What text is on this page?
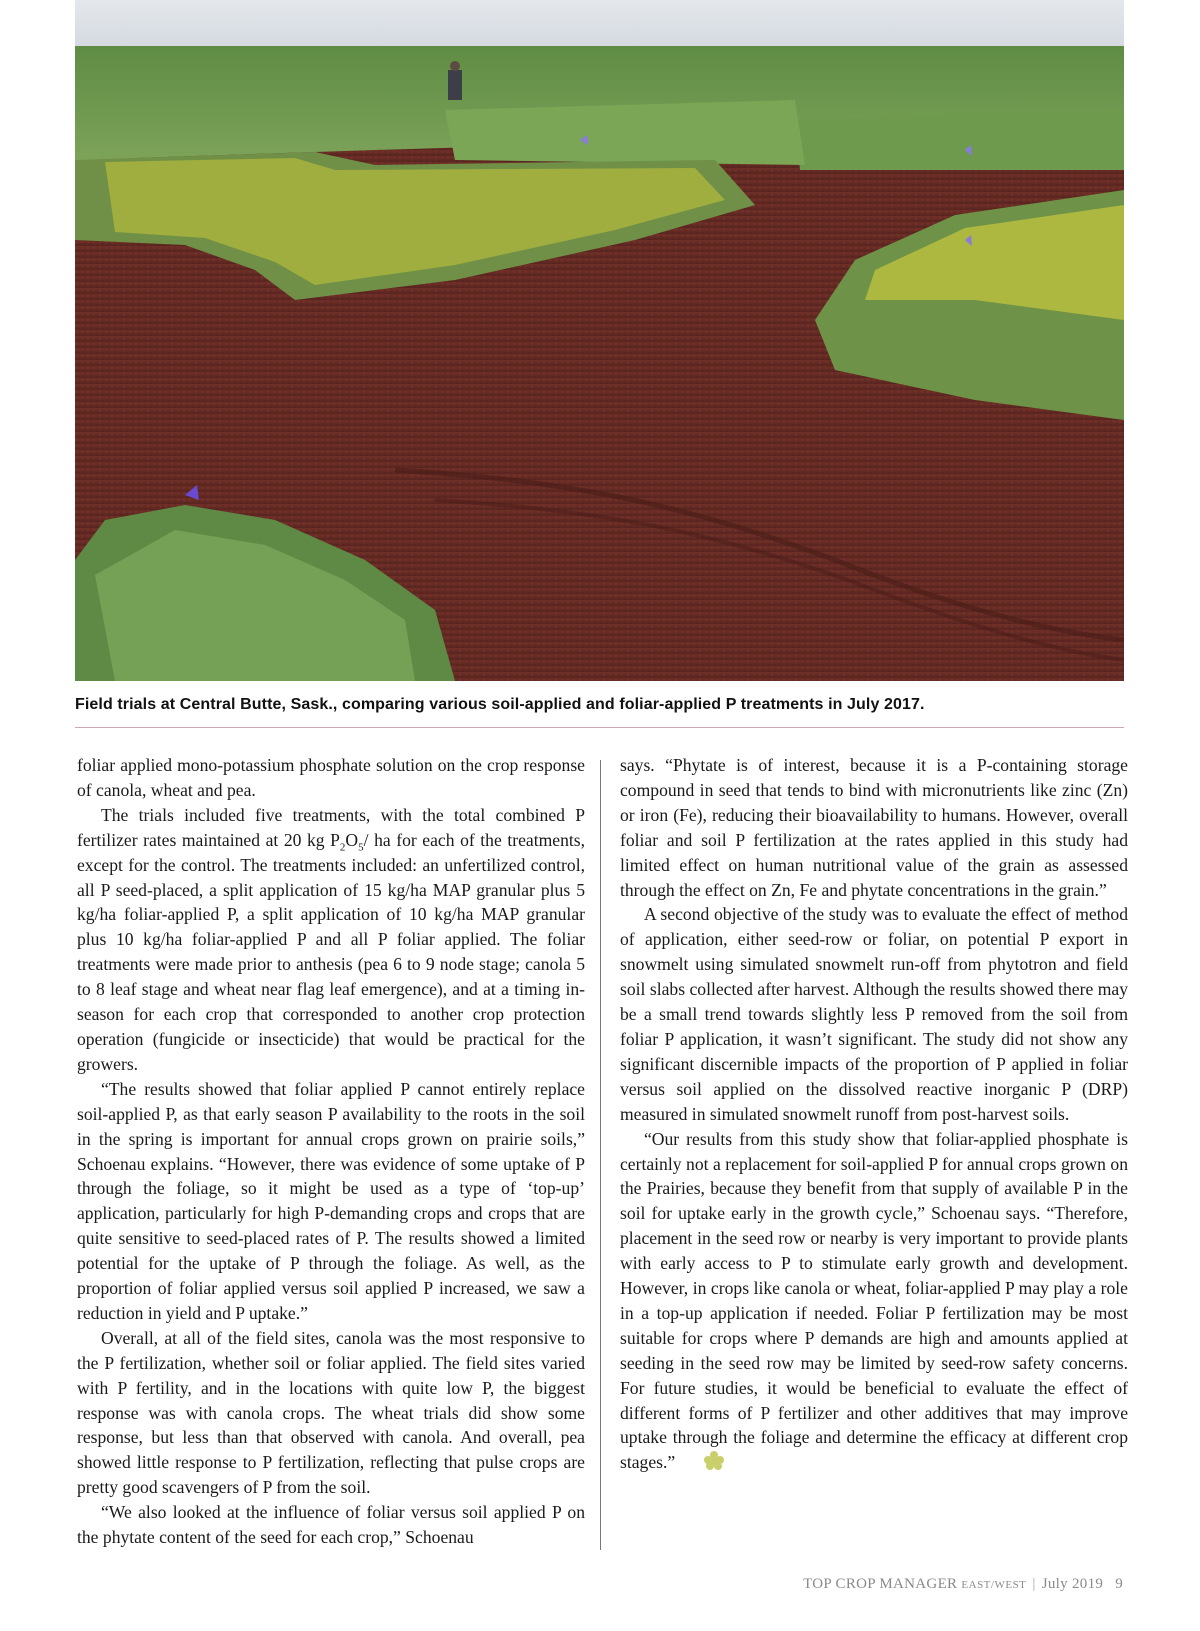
Field trials at Central Butte, Sask., comparing various soil-applied and foliar-applied P treatments in July 2017.

foliar applied mono-potassium phosphate solution on the crop response of canola, wheat and pea.

The trials included five treatments, with the total combined P fertilizer rates maintained at 20 kg $P_2O_5/$ ha for each of the treatments, except for the control. The treatments included: an unfertilized control, all P seed-placed, a split application of 15 kg/ha MAP granular plus 5 kg/ha foliar-applied P, a split application of 10 kg/ha MAP granular plus 10 kg/ha foliar-applied P and all P foliar applied. The foliar treatments were made prior to anthesis (pea 6 to 9 node stage; canola 5 to 8 leaf stage and wheat near flag leaf emergence), and at a timing in-season for each crop that corresponded to another crop protection operation (fungicide or insecticide) that would be practical for the growers.

“The results showed that foliar applied P cannot entirely replace soil-applied P, as that early season P availability to the roots in the soil in the spring is important for annual crops grown on prairie soils,” Schoenau explains. “However, there was evidence of some uptake of P through the foliage, so it might be used as a type of ‘top-up’ application, particularly for high P-demanding crops and crops that are quite sensitive to seed-placed rates of P. The results showed a limited potential for the uptake of P through the foliage. As well, as the proportion of foliar applied versus soil applied P increased, we saw a reduction in yield and P uptake.”

Overall, at all of the field sites, canola was the most responsive to the P fertilization, whether soil or foliar applied. The field sites varied with P fertility, and in the locations with quite low P, the biggest response was with canola crops. The wheat trials did show some response, but less than that observed with canola. And overall, pea showed little response to P fertilization, reflecting that pulse crops are pretty good scavengers of P from the soil.

“We also looked at the influence of foliar versus soil applied P on the phytate content of the seed for each crop,” Schoenau

says. “Phytate is of interest, because it is a P-containing storage compound in seed that tends to bind with micronutrients like zinc (Zn) or iron (Fe), reducing their bioavailability to humans. However, overall foliar and soil P fertilization at the rates applied in this study had limited effect on human nutritional value of the grain as assessed through the effect on Zn, Fe and phytate concentrations in the grain.”

A second objective of the study was to evaluate the effect of method of application, either seed-row or foliar, on potential P export in snowmelt using simulated snowmelt run-off from phytotron and field soil slabs collected after harvest. Although the results showed there may be a small trend towards slightly less P removed from the soil from foliar P application, it wasn’t significant. The study did not show any significant discernible impacts of the proportion of P applied in foliar versus soil applied on the dissolved reactive inorganic P (DRP) measured in simulated snowmelt runoff from post-harvest soils.

“Our results from this study show that foliar-applied phosphate is certainly not a replacement for soil-applied P for annual crops grown on the Prairies, because they benefit from that supply of available P in the soil for uptake early in the growth cycle,” Schoenau says. “Therefore, placement in the seed row or nearby is very important to provide plants with early access to P to stimulate early growth and development. However, in crops like canola or wheat, foliar-applied P may play a role in a top-up application if needed. Foliar P fertilization may be most suitable for crops where P demands are high and amounts applied at seeding in the seed row may be limited by seed-row safety concerns. For future studies, it would be beneficial to evaluate the effect of different forms of P fertilizer and other additives that may improve uptake through the foliage and determine the efficacy at different crop stages.”

TOP CROP MANAGER EAST/WEST | July 2019 9
